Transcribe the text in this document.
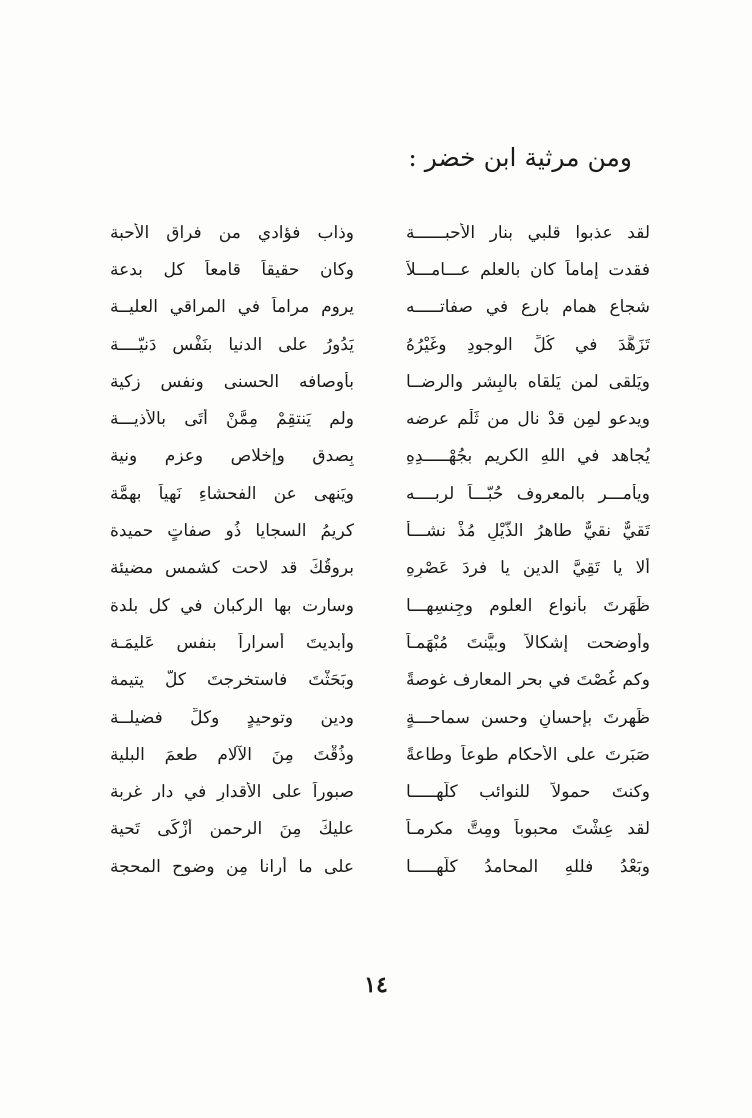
ومن مرثية ابن خضر :
لقد عذبوا قلبي بنار الأحبــــــة
وذاب فؤادي من فراق الأحبة
فقدت إماماً كان بالعلم عـــامـــلاً
وكان حقيقاً قامعاً كل بدعة
شجاع همام بارع في صفاتـــــه
يروم مراماً في المراقي العليــة
تَزَهَّدَ في كُلِّ الوجودِ وغَيْرُهُ
يَدُورُ على الدنيا بنَفْسٍ دَنيّــــة
ويَلقى لمن يَلقاه بالبِشر والرضــا
بأوصافه الحسنى ونفس زكية
ويدعو لمِن قدْ نال من ثَلْم عرضه
ولم يَنتقِمْ مِمَّنْ أتَى بالأذيـــة
يُجاهد في اللهِ الكريم بجُهْـــــدِهِ
بِصدقٍ وإخلاص وعزم ونية
ويأمـــر بالمعروف حُبّـــاً لربــــه
ويَنهى عن الفحشاءِ نَهياً بهِمَّة
تَقيٌّ نقيٌّ طاهرُ الذَّيْلِ مُذْ نشـــأ
كريمُ السجايا ذُو صفاتٍ حميدة
ألا يا تَقِيَّ الدين يا فردَ عَصْرِهِ
بروقُكَ قد لاحت كشمسٍ مضيئة
ظَهَرتَ بأنواعِ العلومِ وجِنسِهـــا
وسارت بها الركبان في كل بلدة
وأوضحت إشكالاً وبيَّنتَ مُبْهَمـاً
وأبديتَ أسراراً بنفسٍ عَليمَـة
وكم غُصْتَ في بحر المعارف غوصةً
وبَحَثْتَ فاستخرجتَ كلَّ يتيمة
ظَهرتَ بإحسانٍ وحسنِ سماحـــةٍ
ودينٍ وتوحيدٍ وكلِّ فضيلــة
صَبَرتَ على الأحكام طوعاً وطاعةً
وذُقْتَ مِنَ الآلامِ طعمَ البلية
وكنتَ حمولاً للنوائب كلّهـــــا
صبوراً على الأقدارِ في دار غربة
لقد عِشْتَ محبوباً ومِتَّ مكرمـاً
عليكَ مِنَ الرحمن أزْكَى تَحية
وبَعْدُ فللهِ المحامدُ كلُّهـــــا
على ما أرانا مِن وضوحِ المحجة
١٤
